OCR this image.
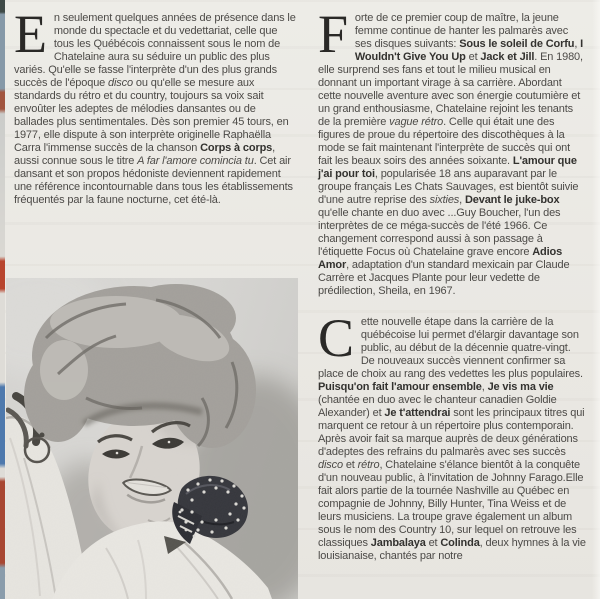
En seulement quelques années de présence dans le monde du spectacle et du vedettariat, celle que tous les Québécois connaissent sous le nom de Chatelaine aura su séduire un public des plus variés. Qu'elle se fasse l'interprète d'un des plus grands succès de l'époque disco ou qu'elle se mesure aux standards du rétro et du country, toujours sa voix sait envoûter les adeptes de mélodies dansantes ou de ballades plus sentimentales. Dès son premier 45 tours, en 1977, elle dispute à son interprète originelle Raphaëlla Carra l'immense succès de la chanson Corps à corps, aussi connue sous le titre A far l'amore comincia tu. Cet air dansant et son propos hédoniste deviennent rapidement une référence incontournable dans tous les établissements fréquentés par la faune nocturne, cet été-là.

Forte de ce premier coup de maître, la jeune femme continue de hanter les palmarès avec ses disques suivants: Sous le soleil de Corfu, I Wouldn't Give You Up et Jack et Jill. En 1980, elle surprend ses fans et tout le milieu musical en donnant un important virage à sa carrière. Abordant cette nouvelle aventure avec son énergie coutumière et un grand enthousiasme, Chatelaine rejoint les tenants de la première vague rétro. Celle qui était une des figures de proue du répertoire des discothèques à la mode se fait maintenant l'interprète de succès qui ont fait les beaux soirs des années soixante. L'amour que j'ai pour toi, popularisée 18 ans auparavant par le groupe français Les Chats Sauvages, est bientôt suivie d'une autre reprise des sixties, Devant le juke-box qu'elle chante en duo avec ...Guy Boucher, l'un des interprètes de ce méga-succès de l'été 1966. Ce changement correspond aussi à son passage à l'étiquette Focus où Chatelaine grave encore Adios Amor, adaptation d'un standard mexicain par Claude Carrère et Jacques Plante pour leur vedette de prédilection, Sheila, en 1967.

Cette nouvelle étape dans la carrière de la québécoise lui permet d'élargir davantage son public, au début de la décennie quatre-vingt. De nouveaux succès viennent confirmer sa place de choix au rang des vedettes les plus populaires. Puisqu'on fait l'amour ensemble, Je vis ma vie (chantée en duo avec le chanteur canadien Goldie Alexander) et Je t'attendrai sont les principaux titres qui marquent ce retour à un répertoire plus contemporain. Après avoir fait sa marque auprès de deux générations d'adeptes des refrains du palmarès avec ses succès disco et rétro, Chatelaine s'élance bientôt à la conquête d'un nouveau public, à l'invitation de Johnny Farago.Elle fait alors partie de la tournée Nashville au Québec en compagnie de Johnny, Billy Hunter, Tina Weiss et de leurs musiciens. La troupe grave également un album sous le nom des Country 10, sur lequel on retrouve les classiques Jambalaya et Colinda, deux hymnes à la vie louisianaise, chantés par notre
